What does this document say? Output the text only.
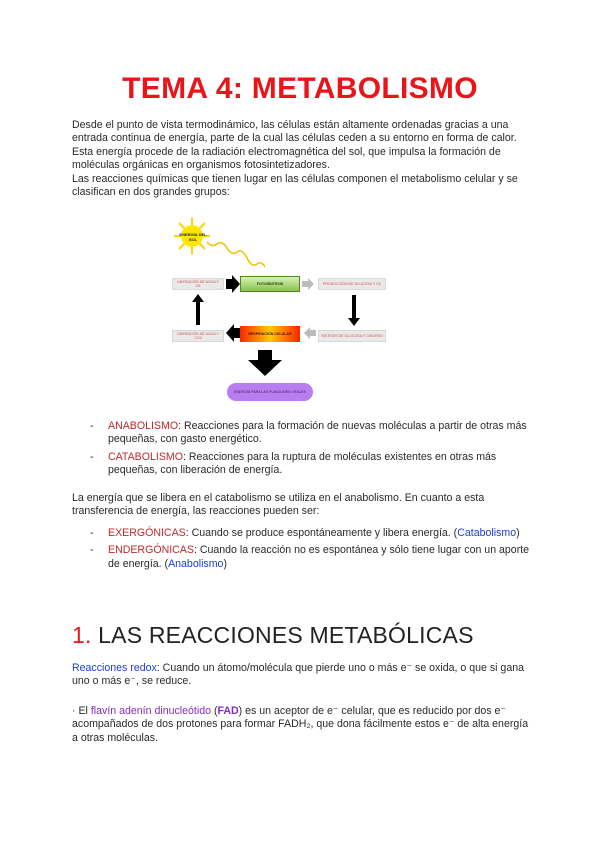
TEMA 4: METABOLISMO
Desde el punto de vista termodinámico, las células están altamente ordenadas gracias a una entrada continua de energía, parte de la cual las células ceden a su entorno en forma de calor. Esta energía procede de la radiación electromagnética del sol, que impulsa la formación de moléculas orgánicas en organismos fotosintetizadores.
Las reacciones químicas que tienen lugar en las células componen el metabolismo celular y se clasifican en dos grandes grupos:
ENERGÍA DEL SOL
LIBERACIÓN DE AGUA Y O2
FOTOSÍNTESIS	PRODUCCIÓN DE GLUCOSA Y O2
LIBERACIÓN DE AGUA Y CO2
RESPIRACIÓN CELULAR	SÍNTESIS DE GLUCOSA Y OXÍGENO
ENERGÍA PARA LAS FUNCIONES VITALES
- ANABOLISMO: Reacciones para la formación de nuevas moléculas a partir de otras más pequeñas, con gasto energético.
- CATABOLISMO: Reacciones para la ruptura de moléculas existentes en otras más pequeñas, con liberación de energía.
La energía que se libera en el catabolismo se utiliza en el anabolismo. En cuanto a esta transferencia de energía, las reacciones pueden ser:
- EXERGÓNICAS: Cuando se produce espontáneamente y libera energía. (Catabolismo)
- ENDERGÓNICAS: Cuando la reacción no es espontánea y sólo tiene lugar con un aporte de energía. (Anabolismo)
1. LAS REACCIONES METABÓLICAS
Reacciones redox: Cuando un átomo/molécula que pierde uno o más e⁻ se oxida, o que si gana uno o más e⁻, se reduce.
· El flavín adenín dinucleótido (FAD) es un aceptor de e⁻ celular, que es reducido por dos e⁻ acompañados de dos protones para formar FADH₂, que dona fácilmente estos e⁻ de alta energía a otras moléculas.
